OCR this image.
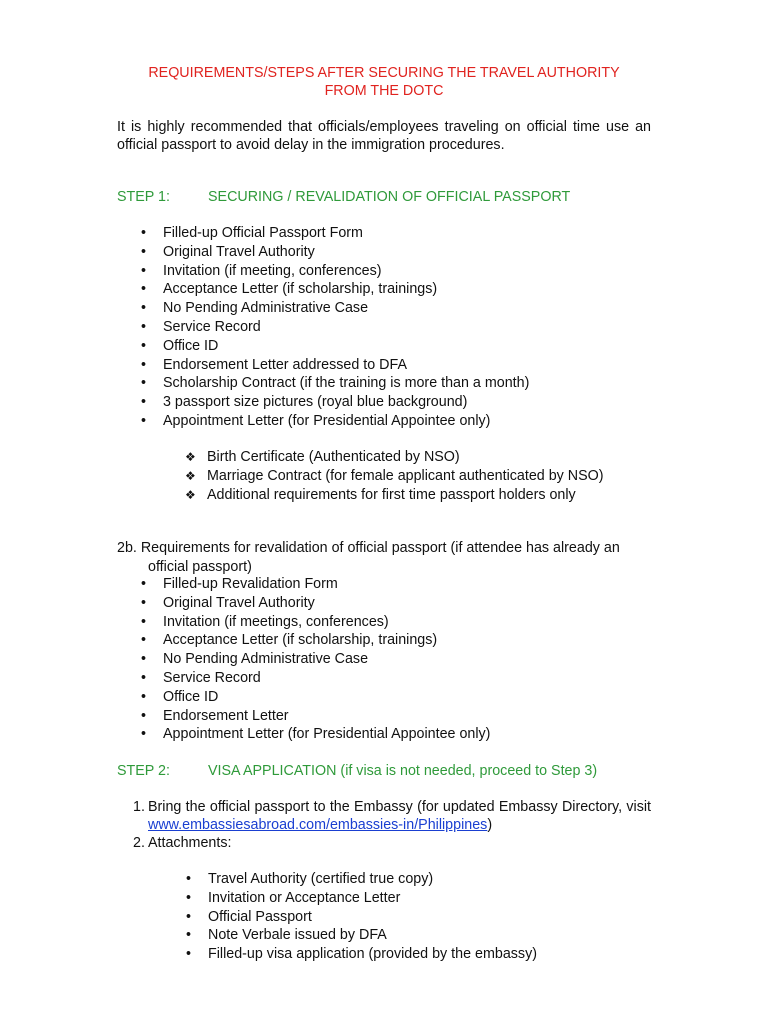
REQUIREMENTS/STEPS AFTER SECURING THE TRAVEL AUTHORITY
FROM THE DOTC
It is highly recommended that officials/employees traveling on official time use an official passport to avoid delay in the immigration procedures.
STEP 1:	SECURING / REVALIDATION OF OFFICIAL PASSPORT
• Filled-up Official Passport Form
• Original Travel Authority
• Invitation (if meeting, conferences)
• Acceptance Letter (if scholarship, trainings)
• No Pending Administrative Case
• Service Record
• Office ID
• Endorsement Letter addressed to DFA
• Scholarship Contract (if the training is more than a month)
• 3 passport size pictures (royal blue background)
• Appointment Letter (for Presidential Appointee only)
❖ Birth Certificate (Authenticated by NSO)
❖ Marriage Contract (for female applicant authenticated by NSO)
❖ Additional requirements for first time passport holders only
2b. Requirements for revalidation of official passport (if attendee has already an
official passport)
• Filled-up Revalidation Form
• Original Travel Authority
• Invitation (if meetings, conferences)
• Acceptance Letter (if scholarship, trainings)
• No Pending Administrative Case
• Service Record
• Office ID
• Endorsement Letter
• Appointment Letter (for Presidential Appointee only)
STEP 2:	VISA APPLICATION (if visa is not needed, proceed to Step 3)
1. Bring the official passport to the Embassy (for updated Embassy Directory, visit www.embassiesabroad.com/embassies-in/Philippines)
2. Attachments:
• Travel Authority (certified true copy)
• Invitation or Acceptance Letter
• Official Passport
• Note Verbale issued by DFA
• Filled-up visa application (provided by the embassy)
